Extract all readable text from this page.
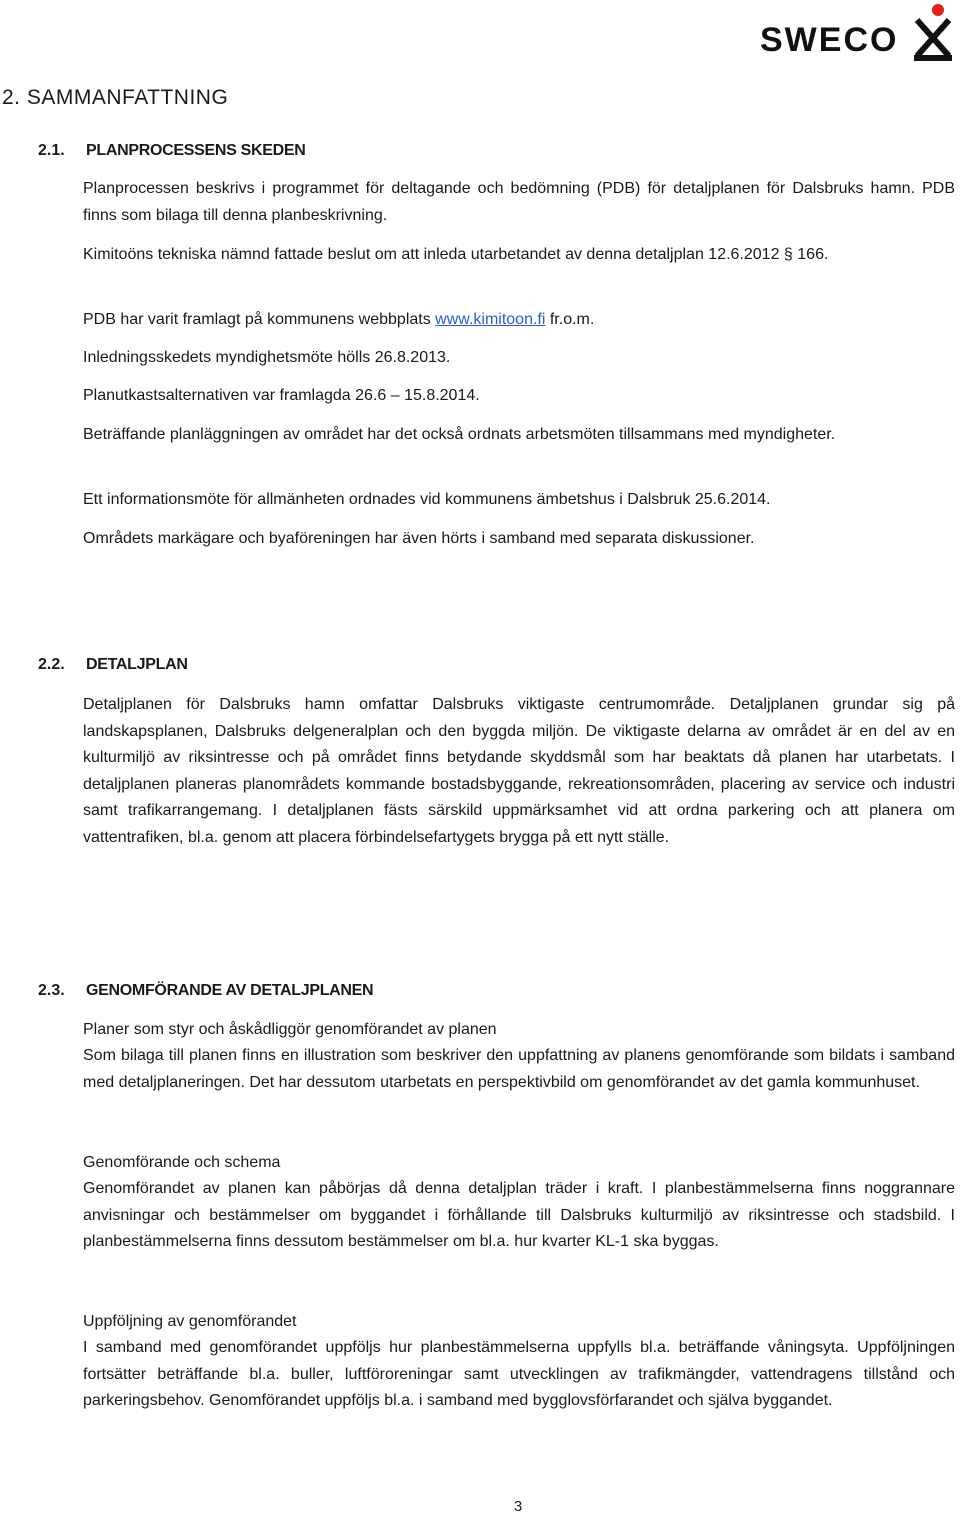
SWECO
2. SAMMANFATTNING
2.1.	PLANPROCESSENS SKEDEN

Planprocessen beskrivs i programmet för deltagande och bedömning (PDB) för detaljplanen för Dalsbruks hamn. PDB finns som bilaga till denna planbeskrivning.

Kimitoöns tekniska nämnd fattade beslut om att inleda utarbetandet av denna detaljplan 12.6.2012 § 166.

PDB har varit framlagt på kommunens webbplats www.kimitoon.fi fr.o.m.

Inledningsskedets myndighetsmöte hölls 26.8.2013.

Planutkastsalternativen var framlagda 26.6 – 15.8.2014.

Beträffande planläggningen av området har det också ordnats arbetsmöten tillsammans med myndigheter.

Ett informationsmöte för allmänheten ordnades vid kommunens ämbetshus i Dalsbruk 25.6.2014.

Områdets markägare och byaföreningen har även hörts i samband med separata diskussioner.

2.2.	DETALJPLAN

Detaljplanen för Dalsbruks hamn omfattar Dalsbruks viktigaste centrumområde. Detaljplanen grundar sig på landskapsplanen, Dalsbruks delgeneralplan och den byggda miljön. De viktigaste delarna av området är en del av en kulturmiljö av riksintresse och på området finns betydande skyddsmål som har beaktats då planen har utarbetats. I detaljplanen planeras planområdets kommande bostadsbyggande, rekreationsområden, placering av service och industri samt trafikarrangemang. I detaljplanen fästs särskild uppmärksamhet vid att ordna parkering och att planera om vattentrafiken, bl.a. genom att placera förbindelsefartygets brygga på ett nytt ställe.

2.3.	GENOMFÖRANDE AV DETALJPLANEN

Planer som styr och åskådliggör genomförandet av planen

Som bilaga till planen finns en illustration som beskriver den uppfattning av planens genomförande som bildats i samband med detaljplaneringen. Det har dessutom utarbetats en perspektivbild om genomförandet av det gamla kommunhuset.

Genomförande och schema

Genomförandet av planen kan påbörjas då denna detaljplan träder i kraft. I planbestämmelserna finns noggrannare anvisningar och bestämmelser om byggandet i förhållande till Dalsbruks kulturmiljö av riksintresse och stadsbild. I planbestämmelserna finns dessutom bestämmelser om bl.a. hur kvarter KL-1 ska byggas.

Uppföljning av genomförandet

I samband med genomförandet uppföljs hur planbestämmelserna uppfylls bl.a. beträffande våningsyta. Uppföljningen fortsätter beträffande bl.a. buller, luftföroreningar samt utvecklingen av trafikmängder, vattendragens tillstånd och parkeringsbehov. Genomförandet uppföljs bl.a. i samband med bygglovsförfarandet och själva byggandet.

3
